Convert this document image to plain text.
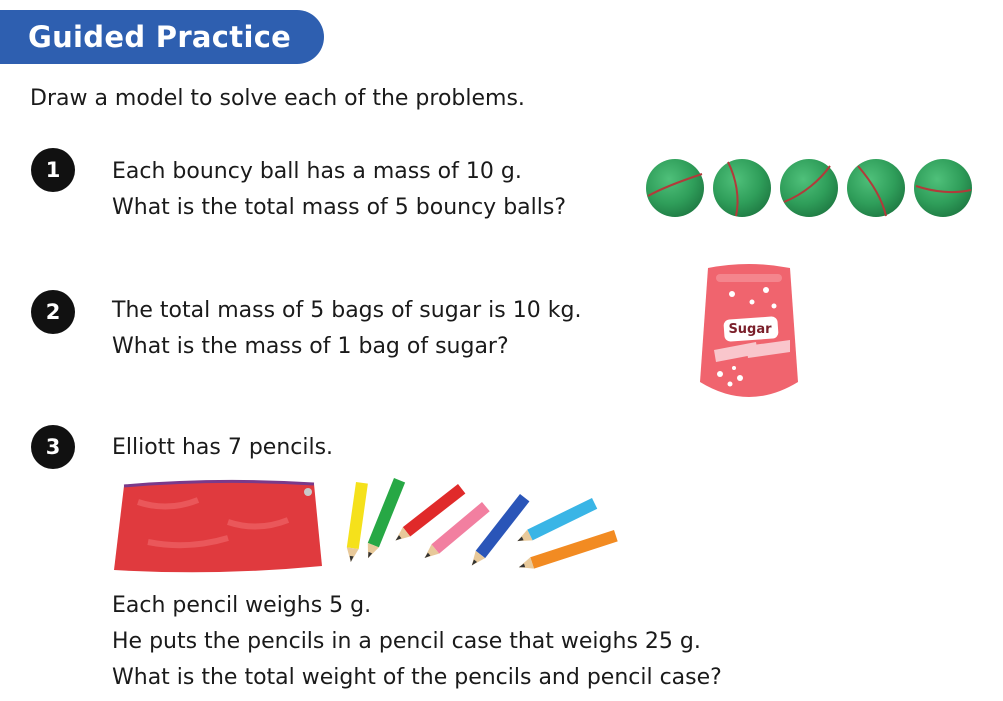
Guided Practice
Draw a model to solve each of the problems.
1	Each bouncy ball has a mass of 10 g.
What is the total mass of 5 bouncy balls?
2	The total mass of 5 bags of sugar is 10 kg.
What is the mass of 1 bag of sugar?
Sugar
3	Elliott has 7 pencils.
Each pencil weighs 5 g.
He puts the pencils in a pencil case that weighs 25 g.
What is the total weight of the pencils and pencil case?
